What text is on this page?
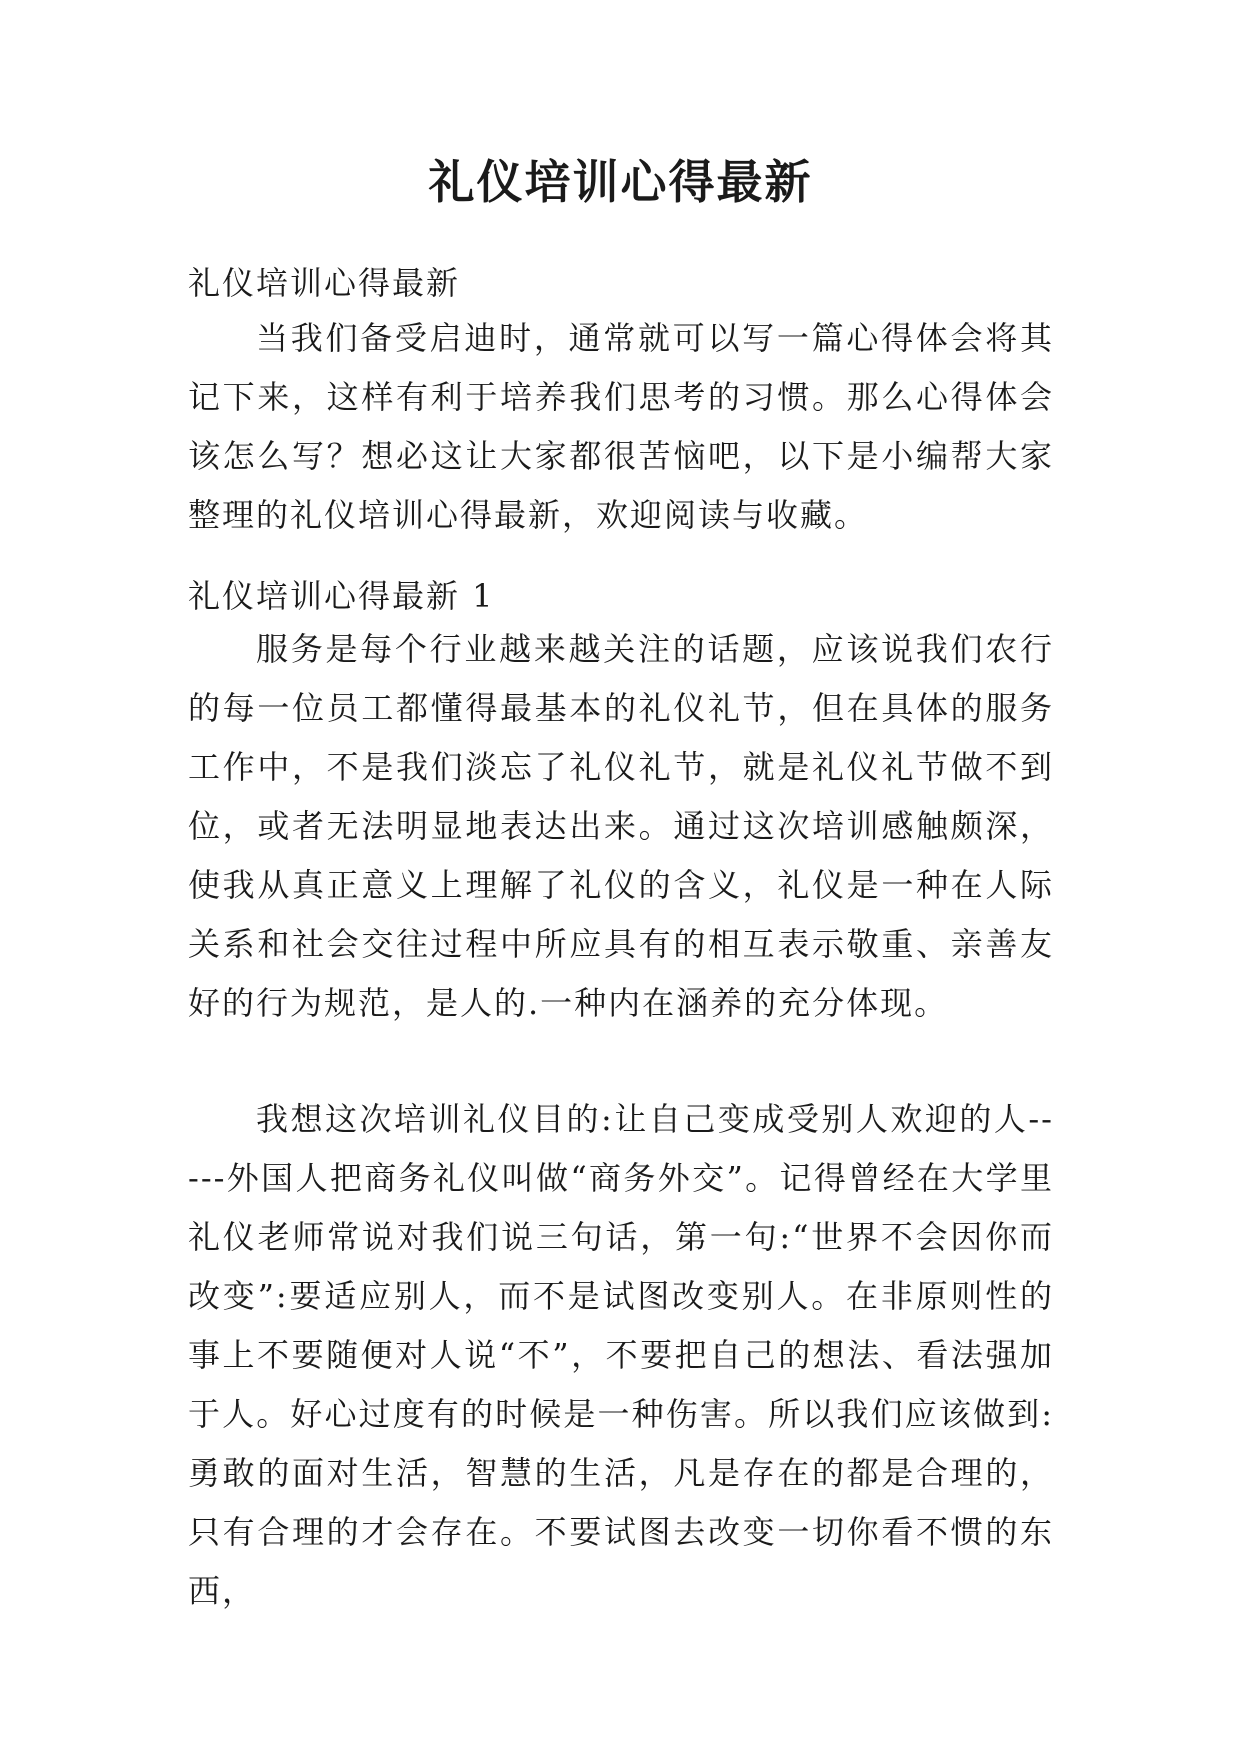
礼仪培训心得最新

礼仪培训心得最新

当我们备受启迪时，通常就可以写一篇心得体会将其记下来，这样有利于培养我们思考的习惯。那么心得体会该怎么写？想必这让大家都很苦恼吧，以下是小编帮大家整理的礼仪培训心得最新，欢迎阅读与收藏。

礼仪培训心得最新 1

服务是每个行业越来越关注的话题，应该说我们农行的每一位员工都懂得最基本的礼仪礼节，但在具体的服务工作中，不是我们淡忘了礼仪礼节，就是礼仪礼节做不到位，或者无法明显地表达出来。通过这次培训感触颇深，使我从真正意义上理解了礼仪的含义，礼仪是一种在人际关系和社会交往过程中所应具有的相互表示敬重、亲善友好的行为规范，是人的.一种内在涵养的充分体现。

我想这次培训礼仪目的:让自己变成受别人欢迎的人-----外国人把商务礼仪叫做“商务外交”。记得曾经在大学里礼仪老师常说对我们说三句话，第一句:“世界不会因你而改变”:要适应别人，而不是试图改变别人。在非原则性的事上不要随便对人说“不”，不要把自己的想法、看法强加于人。好心过度有的时候是一种伤害。所以我们应该做到:勇敢的面对生活，智慧的生活，凡是存在的都是合理的，只有合理的才会存在。不要试图去改变一切你看不惯的东西，
